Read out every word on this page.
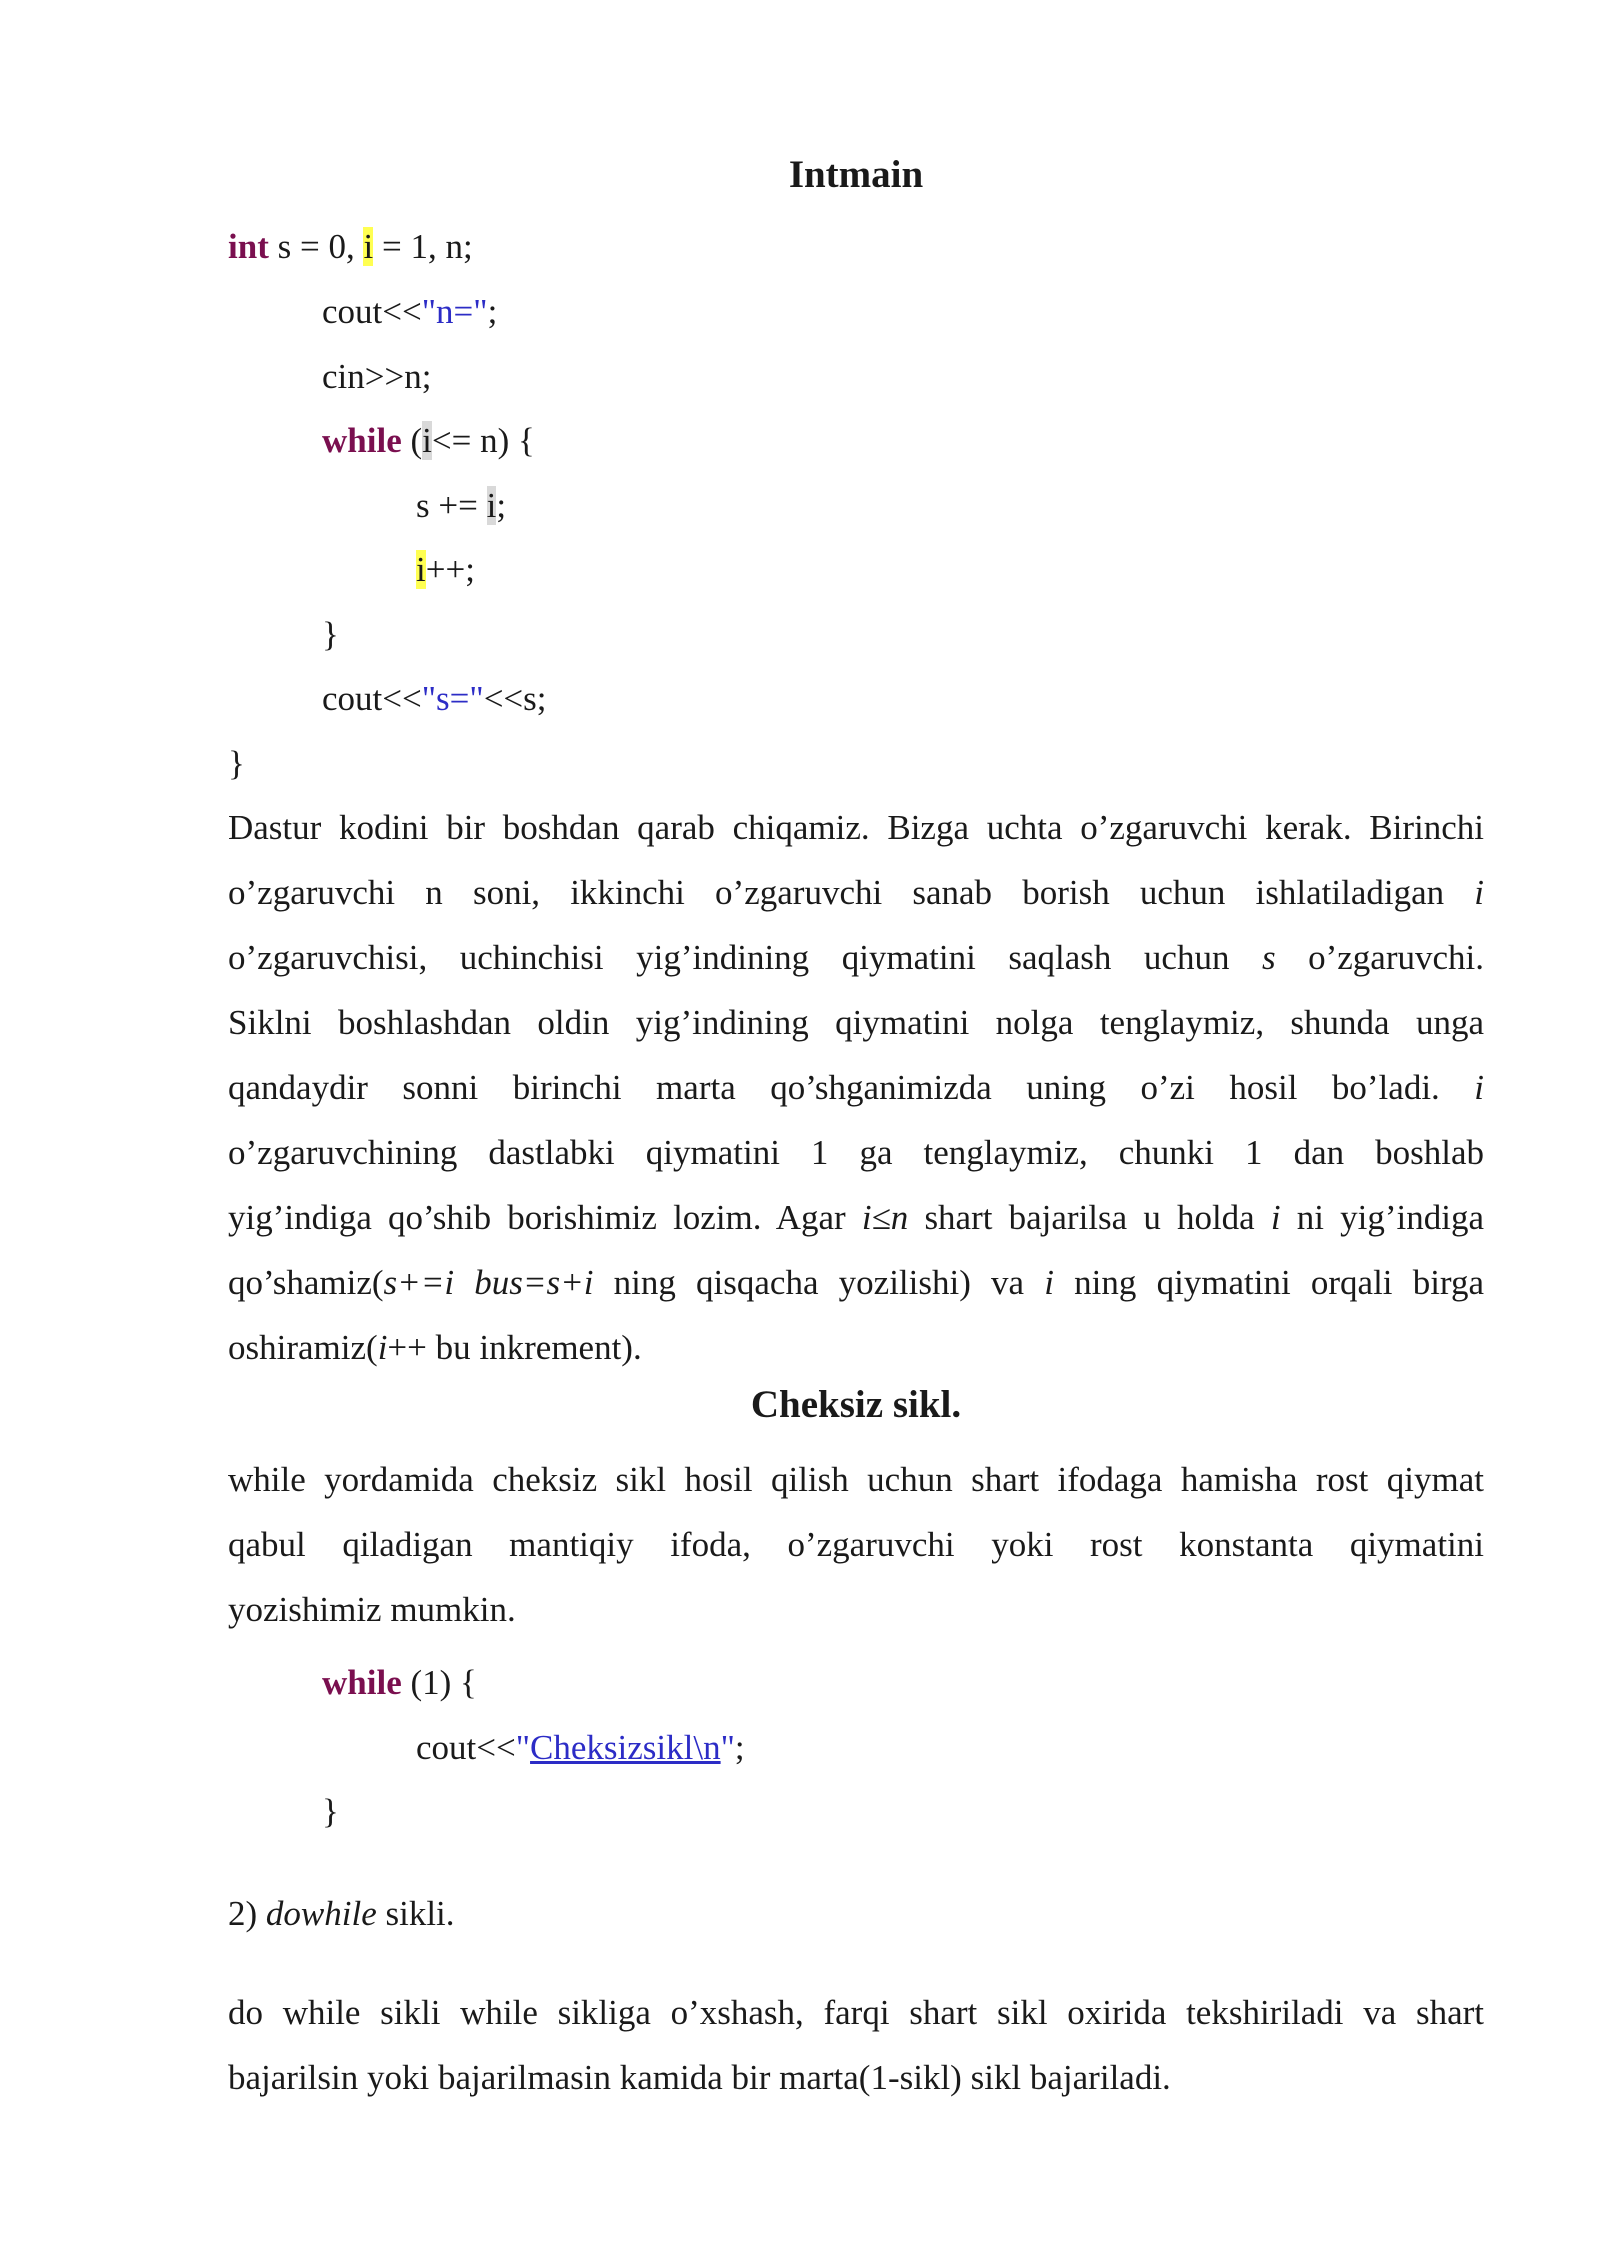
Intmain
int s = 0, i = 1, n;
cout<<"n=";
cin>>n;
while (i<= n) {
s += i;
i++;
}
cout<<"s="<<s;
}
Dastur kodini bir boshdan qarab chiqamiz. Bizga uchta o’zgaruvchi kerak. Birinchi
o’zgaruvchi n soni, ikkinchi o’zgaruvchi sanab borish uchun ishlatiladigan i
o’zgaruvchisi, uchinchisi yig’indining qiymatini saqlash uchun s o’zgaruvchi.
Siklni boshlashdan oldin yig’indining qiymatini nolga tenglaymiz, shunda unga
qandaydir sonni birinchi marta qo’shganimizda uning o’zi hosil bo’ladi. i
o’zgaruvchining dastlabki qiymatini 1 ga tenglaymiz, chunki 1 dan boshlab
yig’indiga qo’shib borishimiz lozim. Agar i≤n shart bajarilsa u holda i ni yig’indiga
qo’shamiz(s+=i bus=s+i ning qisqacha yozilishi) va i ning qiymatini orqali birga
oshiramiz(i++ bu inkrement).
Cheksiz sikl.
while yordamida cheksiz sikl hosil qilish uchun shart ifodaga hamisha rost qiymat
qabul qiladigan mantiqiy ifoda, o’zgaruvchi yoki rost konstanta qiymatini
yozishimiz mumkin.
while (1) {
cout<<"Cheksizsikl\n";
}
2) dowhile sikli.
do while sikli while sikliga o’xshash, farqi shart sikl oxirida tekshiriladi va shart
bajarilsin yoki bajarilmasin kamida bir marta(1-sikl) sikl bajariladi.
